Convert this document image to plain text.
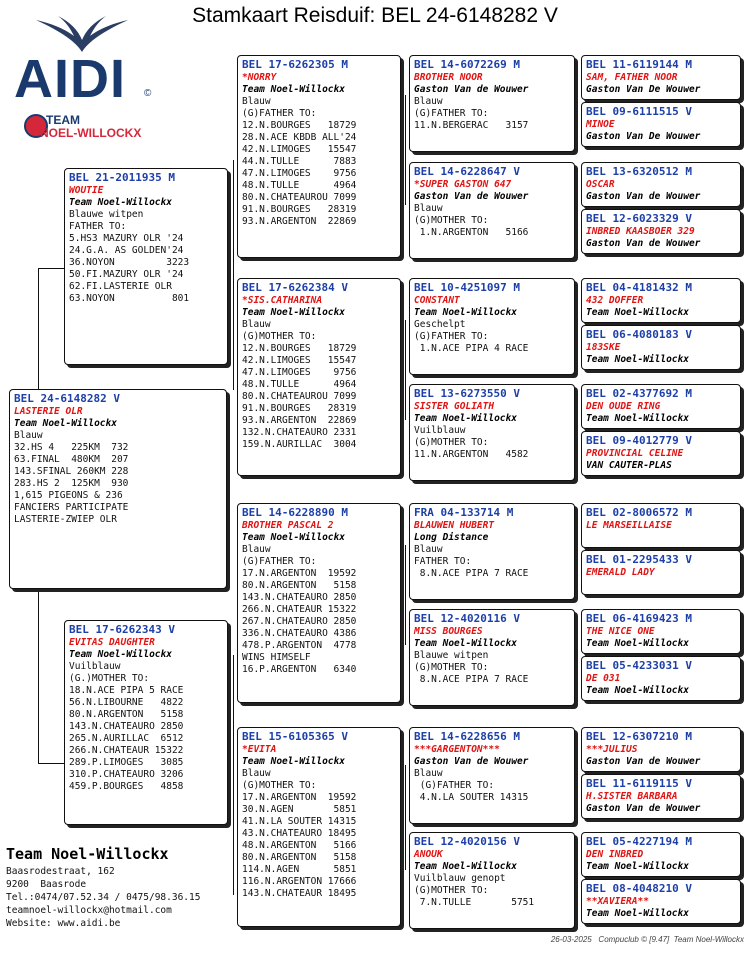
Stamkaart Reisduif: BEL 24-6148282 V
AIDI ©
TEAM
NOEL-WILLOCKX
BEL 24-6148282 V
LASTERIE OLR
Team Noel-Willockx
Blauw
32.HS 4   225KM  732
63.FINAL  480KM  207
143.SFINAL 260KM 228
283.HS 2  125KM  930
1,615 PIGEONS & 236
FANCIERS PARTICIPATE
LASTERIE-ZWIEP OLR
BEL 21-2011935 M
WOUTIE
Team Noel-Willockx
Blauwe witpen
FATHER TO:
5.HS3 MAZURY OLR '24
24.G.A. AS GOLDEN'24
36.NOYON         3223
50.FI.MAZURY OLR '24
62.FI.LASTERIE OLR
63.NOYON          801
BEL 17-6262343 V
EVITAS DAUGHTER
Team Noel-Willockx
Vuilblauw
(G.)MOTHER TO:
18.N.ACE PIPA 5 RACE
56.N.LIBOURNE   4822
80.N.ARGENTON   5158
143.N.CHATEAURO 2850
265.N.AURILLAC  6512
266.N.CHATEAUR 15322
289.P.LIMOGES   3085
310.P.CHATEAURO 3206
459.P.BOURGES   4858
BEL 17-6262305 M
*NORRY
Team Noel-Willockx
Blauw
(G)FATHER TO:
12.N.BOURGES   18729
28.N.ACE KBDB ALL'24
42.N.LIMOGES   15547
44.N.TULLE      7883
47.N.LIMOGES    9756
48.N.TULLE      4964
80.N.CHATEAUROU 7099
91.N.BOURGES   28319
93.N.ARGENTON  22869
BEL 17-6262384 V
*SIS.CATHARINA
Team Noel-Willockx
Blauw
(G)MOTHER TO:
12.N.BOURGES   18729
42.N.LIMOGES   15547
47.N.LIMOGES    9756
48.N.TULLE      4964
80.N.CHATEAUROU 7099
91.N.BOURGES   28319
93.N.ARGENTON  22869
132.N.CHATEAURO 2331
159.N.AURILLAC  3004
BEL 14-6228890 M
BROTHER PASCAL 2
Team Noel-Willockx
Blauw
(G)FATHER TO:
17.N.ARGENTON  19592
80.N.ARGENTON   5158
143.N.CHATEAURO 2850
266.N.CHATEAUR 15322
267.N.CHATEAURO 2850
336.N.CHATEAURO 4386
478.P.ARGENTON  4778
WINS HIMSELF
16.P.ARGENTON   6340
BEL 15-6105365 V
*EVITA
Team Noel-Willockx
Blauw
(G)MOTHER TO:
17.N.ARGENTON  19592
30.N.AGEN       5851
41.N.LA SOUTER 14315
43.N.CHATEAURO 18495
48.N.ARGENTON   5166
80.N.ARGENTON   5158
114.N.AGEN      5851
116.N.ARGENTON 17666
143.N.CHATEAUR 18495
BEL 14-6072269 M
BROTHER NOOR
Gaston Van de Wouwer
Blauw
(G)FATHER TO:
11.N.BERGERAC   3157
BEL 14-6228647 V
*SUPER GASTON 647
Gaston Van de Wouwer
Blauw
(G)MOTHER TO:
1.N.ARGENTON   5166
BEL 10-4251097 M
CONSTANT
Team Noel-Willockx
Geschelpt
(G)FATHER TO:
1.N.ACE PIPA 4 RACE
BEL 13-6273550 V
SISTER GOLIATH
Team Noel-Willockx
Vuilblauw
(G)MOTHER TO:
11.N.ARGENTON   4582
FRA 04-133714 M
BLAUWEN HUBERT
Long Distance
Blauw
FATHER TO:
8.N.ACE PIPA 7 RACE
BEL 12-4020116 V
MISS BOURGES
Team Noel-Willockx
Blauwe witpen
(G)MOTHER TO:
8.N.ACE PIPA 7 RACE
BEL 14-6228656 M
***GARGENTON***
Gaston Van de Wouwer
Blauw
(G)FATHER TO:
4.N.LA SOUTER 14315
BEL 12-4020156 V
ANOUK
Team Noel-Willockx
Vuilblauw genopt
(G)MOTHER TO:
7.N.TULLE       5751
BEL 11-6119144 M
SAM, FATHER NOOR
Gaston Van De Wouwer
BEL 09-6111515 V
MINOE
Gaston Van De Wouwer
BEL 13-6320512 M
OSCAR
Gaston Van de Wouwer
BEL 12-6023329 V
INBRED KAASBOER 329
Gaston Van de Wouwer
BEL 04-4181432 M
432 DOFFER
Team Noel-Willockx
BEL 06-4080183 V
183SKE
Team Noel-Willockx
BEL 02-4377692 M
DEN OUDE RING
Team Noel-Willockx
BEL 09-4012779 V
PROVINCIAL CELINE
VAN CAUTER-PLAS
BEL 02-8006572 M
LE MARSEILLAISE
BEL 01-2295433 V
EMERALD LADY
BEL 06-4169423 M
THE NICE ONE
Team Noel-Willockx
BEL 05-4233031 V
DE 031
Team Noel-Willockx
BEL 12-6307210 M
***JULIUS
Gaston Van de Wouwer
BEL 11-6119115 V
H.SISTER BARBARA
Gaston Van de Wouwer
BEL 05-4227194 M
DEN INBRED
Team Noel-Willockx
BEL 08-4048210 V
**XAVIERA**
Team Noel-Willockx
Team Noel-Willockx
Baasrodestraat, 162
9200  Baasrode
Tel.:0474/07.52.34 / 0475/98.36.15
teamnoel-willockx@hotmail.com
Website: www.aidi.be
26-03-2025   Compuclub © [9.47]  Team Noel-Willockx
